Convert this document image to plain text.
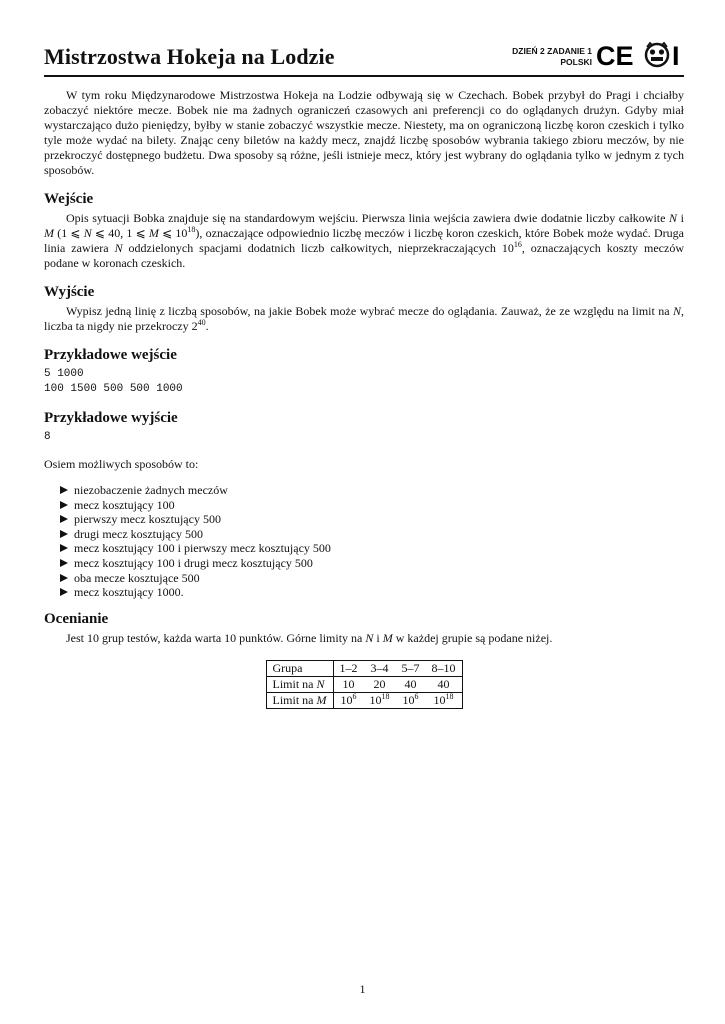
Mistrzostwa Hokeja na Lodzie	DZIEŃ 2 ZADANIE 1
POLSKI CE I

W tym roku Międzynarodowe Mistrzostwa Hokeja na Lodzie odbywają się w Czechach. Bobek przybył do Pragi i chciałby zobaczyć niektóre mecze. Bobek nie ma żadnych ograniczeń czasowych ani preferencji co do oglądanych drużyn. Gdyby miał wystarczająco dużo pieniędzy, byłby w stanie zobaczyć wszystkie mecze. Niestety, ma on ograniczoną liczbę koron czeskich i tylko tyle może wydać na bilety. Znając ceny biletów na każdy mecz, znajdź liczbę sposobów wybrania takiego zbioru meczów, by nie przekroczyć dostępnego budżetu. Dwa sposoby są różne, jeśli istnieje mecz, który jest wybrany do oglądania tylko w jednym z tych sposobów.

Wejście

Opis sytuacji Bobka znajduje się na standardowym wejściu. Pierwsza linia wejścia zawiera dwie dodatnie liczby całkowite N i M (1 ⩽ N ⩽ 40, 1 ⩽ M ⩽ $10^{18}$), oznaczające odpowiednio liczbę meczów i liczbę koron czeskich, które Bobek może wydać. Druga linia zawiera N oddzielonych spacjami dodatnich liczb całkowitych, nieprzekraczających $10^{16}$, oznaczających koszty meczów podane w koronach czeskich.

Wyjście

Wypisz jedną linię z liczbą sposobów, na jakie Bobek może wybrać mecze do oglądania. Zauważ, że ze względu na limit na N, liczba ta nigdy nie przekroczy $2^{40}$.

Przykładowe wejście
5 1000
100 1500 500 500 1000
Przykładowe wyjście
8

Osiem możliwych sposobów to:

niezobaczenie żadnych meczów
mecz kosztujący 100
pierwszy mecz kosztujący 500
drugi mecz kosztujący 500
mecz kosztujący 100 i pierwszy mecz kosztujący 500
mecz kosztujący 100 i drugi mecz kosztujący 500
oba mecze kosztujące 500
mecz kosztujący 1000.
Ocenianie

Jest 10 grup testów, każda warta 10 punktów. Górne limity na N i M w każdej grupie są podane niżej.

Grupa	1–2	3–4	5–7	8–10
Limit na N	10	20	40	40
Limit na M	$10^6$	$10^{18}$	$10^6$	$10^{18}$
1
